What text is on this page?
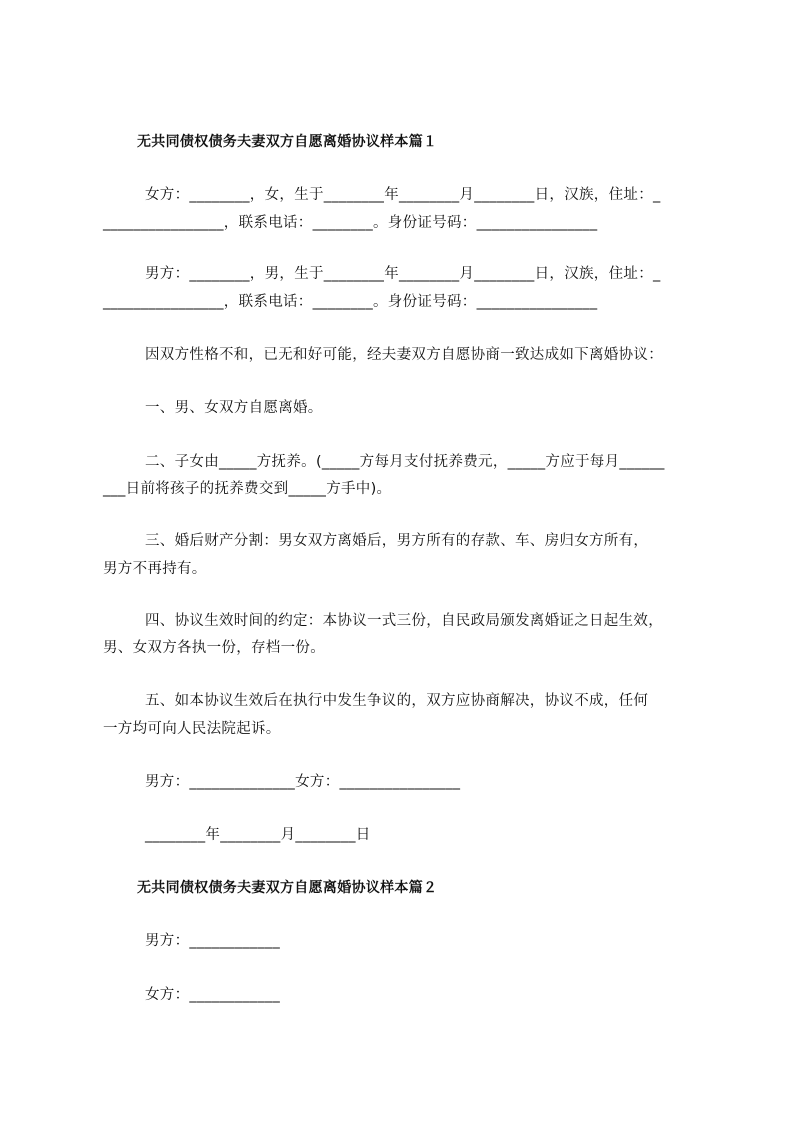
无共同债权债务夫妻双方自愿离婚协议样本篇１
女方：________，女，生于________年________月________日，汉族，住址：_
________________，联系电话：________。身份证号码：________________
男方：________，男，生于________年________月________日，汉族，住址：_
________________，联系电话：________。身份证号码：________________
因双方性格不和，已无和好可能，经夫妻双方自愿协商一致达成如下离婚协议：
一、男、女双方自愿离婚。
二、子女由_____方抚养。(_____方每月支付抚养费元，_____方应于每月______
___日前将孩子的抚养费交到_____方手中)。
三、婚后财产分割：男女双方离婚后，男方所有的存款、车、房归女方所有，
男方不再持有。
四、协议生效时间的约定：本协议一式三份，自民政局颁发离婚证之日起生效，
男、女双方各执一份，存档一份。
五、如本协议生效后在执行中发生争议的，双方应协商解决，协议不成，任何
一方均可向人民法院起诉。
男方：______________女方：________________
________年________月________日
无共同债权债务夫妻双方自愿离婚协议样本篇２
男方：____________
女方：____________
